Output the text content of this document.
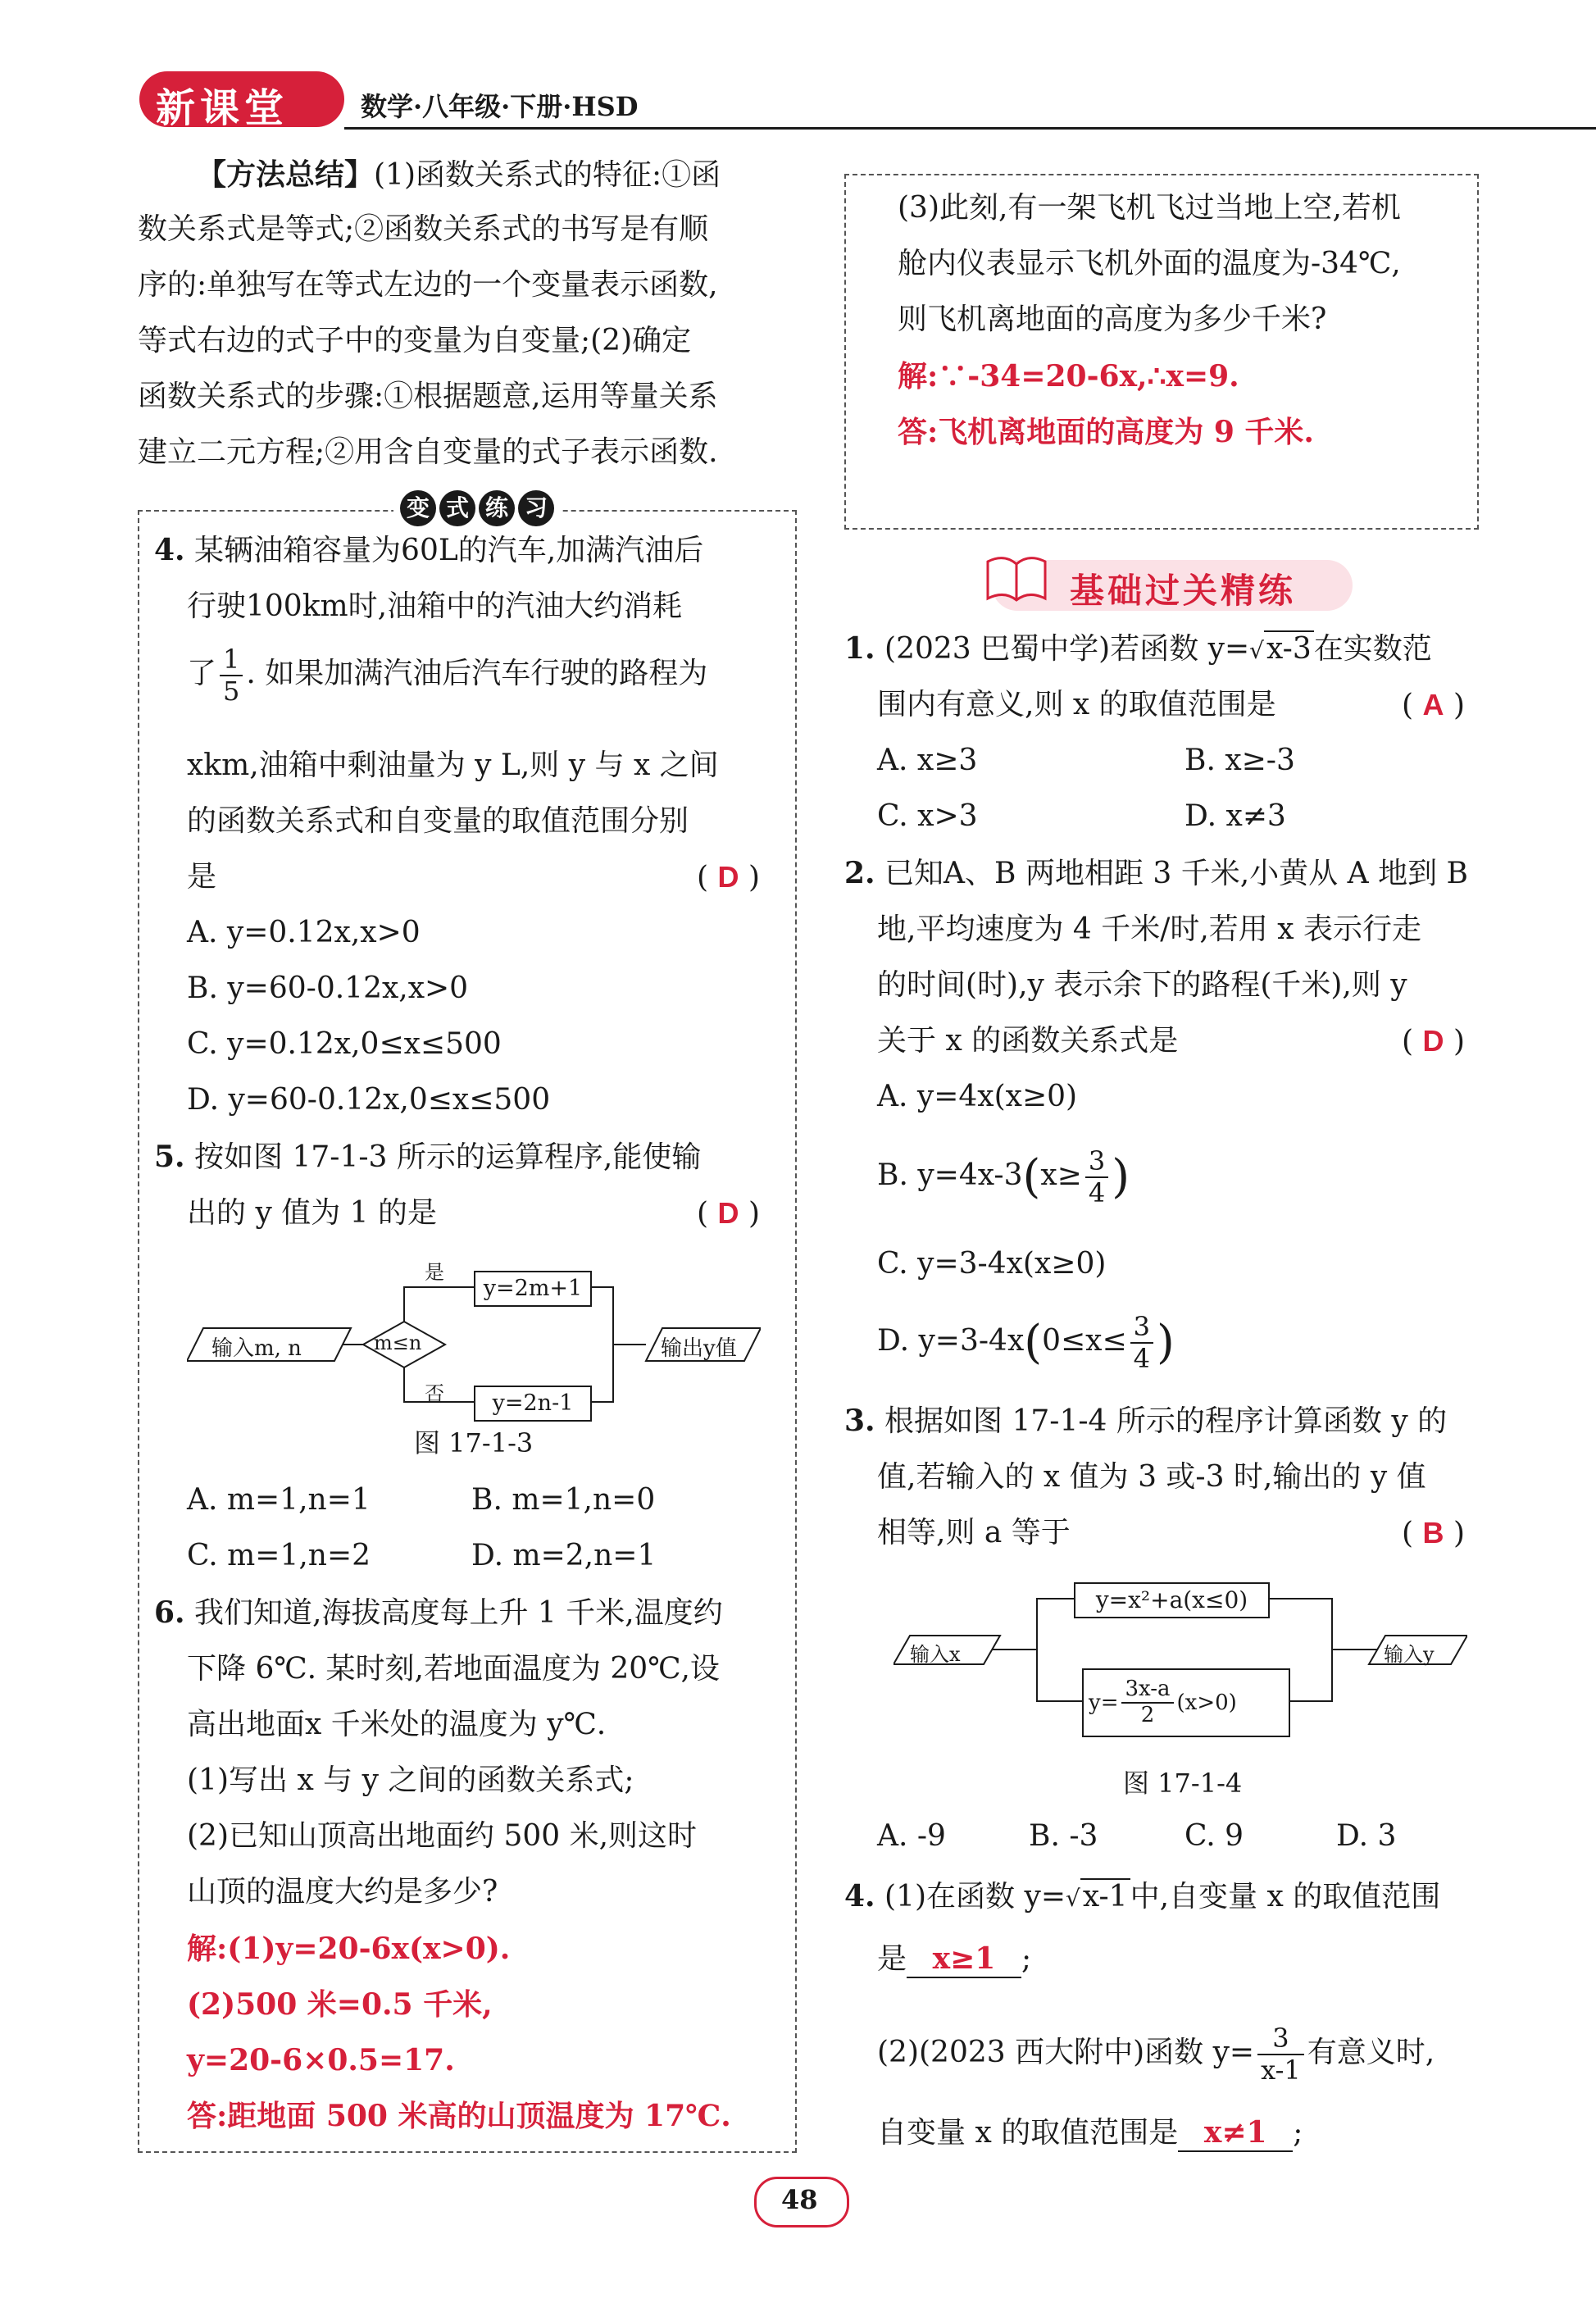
新课堂	数学·八年级·下册·HSD
【方法总结】(1)函数关系式的特征:①函
数关系式是等式;②函数关系式的书写是有顺
序的:单独写在等式左边的一个变量表示函数,
等式右边的式子中的变量为自变量;(2)确定
函数关系式的步骤:①根据题意,运用等量关系
建立二元方程;②用含自变量的式子表示函数.
变 式 练 习
4. 某辆油箱容量为60L的汽车,加满汽油后
行驶100km时,油箱中的汽油大约消耗
了 $\frac{1}{5}$ . 如果加满汽油后汽车行驶的路程为
xkm,油箱中剩油量为 y L,则 y 与 x 之间
的函数关系式和自变量的取值范围分别
是	( D )
A. y=0.12x,x>0
B. y=60-0.12x,x>0
C. y=0.12x,0≤x≤500
D. y=60-0.12x,0≤x≤500
5. 按如图 17-1-3 所示的运算程序,能使输
出的 y 值为 1 的是	( D )
输入m, n	m≤n
是
否
y=2m+1
y=2n-1
输出y值
图 17-1-3
A. m=1,n=1	B. m=1,n=0
C. m=1,n=2	D. m=2,n=1
6. 我们知道,海拔高度每上升 1 千米,温度约
下降 6℃. 某时刻,若地面温度为 20℃,设
高出地面x 千米处的温度为 y℃.
(1)写出 x 与 y 之间的函数关系式;
(2)已知山顶高出地面约 500 米,则这时
山顶的温度大约是多少?
解:(1)y=20-6x(x>0).
(2)500 米=0.5 千米,
y=20-6×0.5=17.
答:距地面 500 米高的山顶温度为 17℃.
(3)此刻,有一架飞机飞过当地上空,若机
舱内仪表显示飞机外面的温度为-34℃,
则飞机离地面的高度为多少千米?
解:∵-34=20-6x,∴x=9.
答:飞机离地面的高度为 9 千米.
基础过关精练
1. (2023 巴蜀中学)若函数 y=√x-3在实数范
围内有意义,则 x 的取值范围是	( A )
A. x≥3	B. x≥-3
C. x>3	D. x≠3
2. 已知A、B 两地相距 3 千米,小黄从 A 地到 B
地,平均速度为 4 千米/时,若用 x 表示行走
的时间(时),y 表示余下的路程(千米),则 y
关于 x 的函数关系式是	( D )
A. y=4x(x≥0)
B. $y=4x-3(x\ge \frac{3}{4}$ )
C. y=3-4x(x≥0)
D. $y=3-4x(0\le x\le \frac{3}{4}$ )
3. 根据如图 17-1-4 所示的程序计算函数 y 的
值,若输入的 x 值为 3 或-3 时,输出的 y 值
相等,则 a 等于	( B )
输入x
y=x²+a(x≤0)
$y= \frac{3x-a}{2} (x>0)$
输入y
图 17-1-4
A. -9	B. -3	C. 9	D. 3
4. (1)在函数 y=√x-1中,自变量 x 的取值范围
是 x≥1 ;
(2)(2023 西大附中)函数 $y= \frac{3}{x-1}$ 有意义时,
自变量 x 的取值范围是 x≠1 ;
48
